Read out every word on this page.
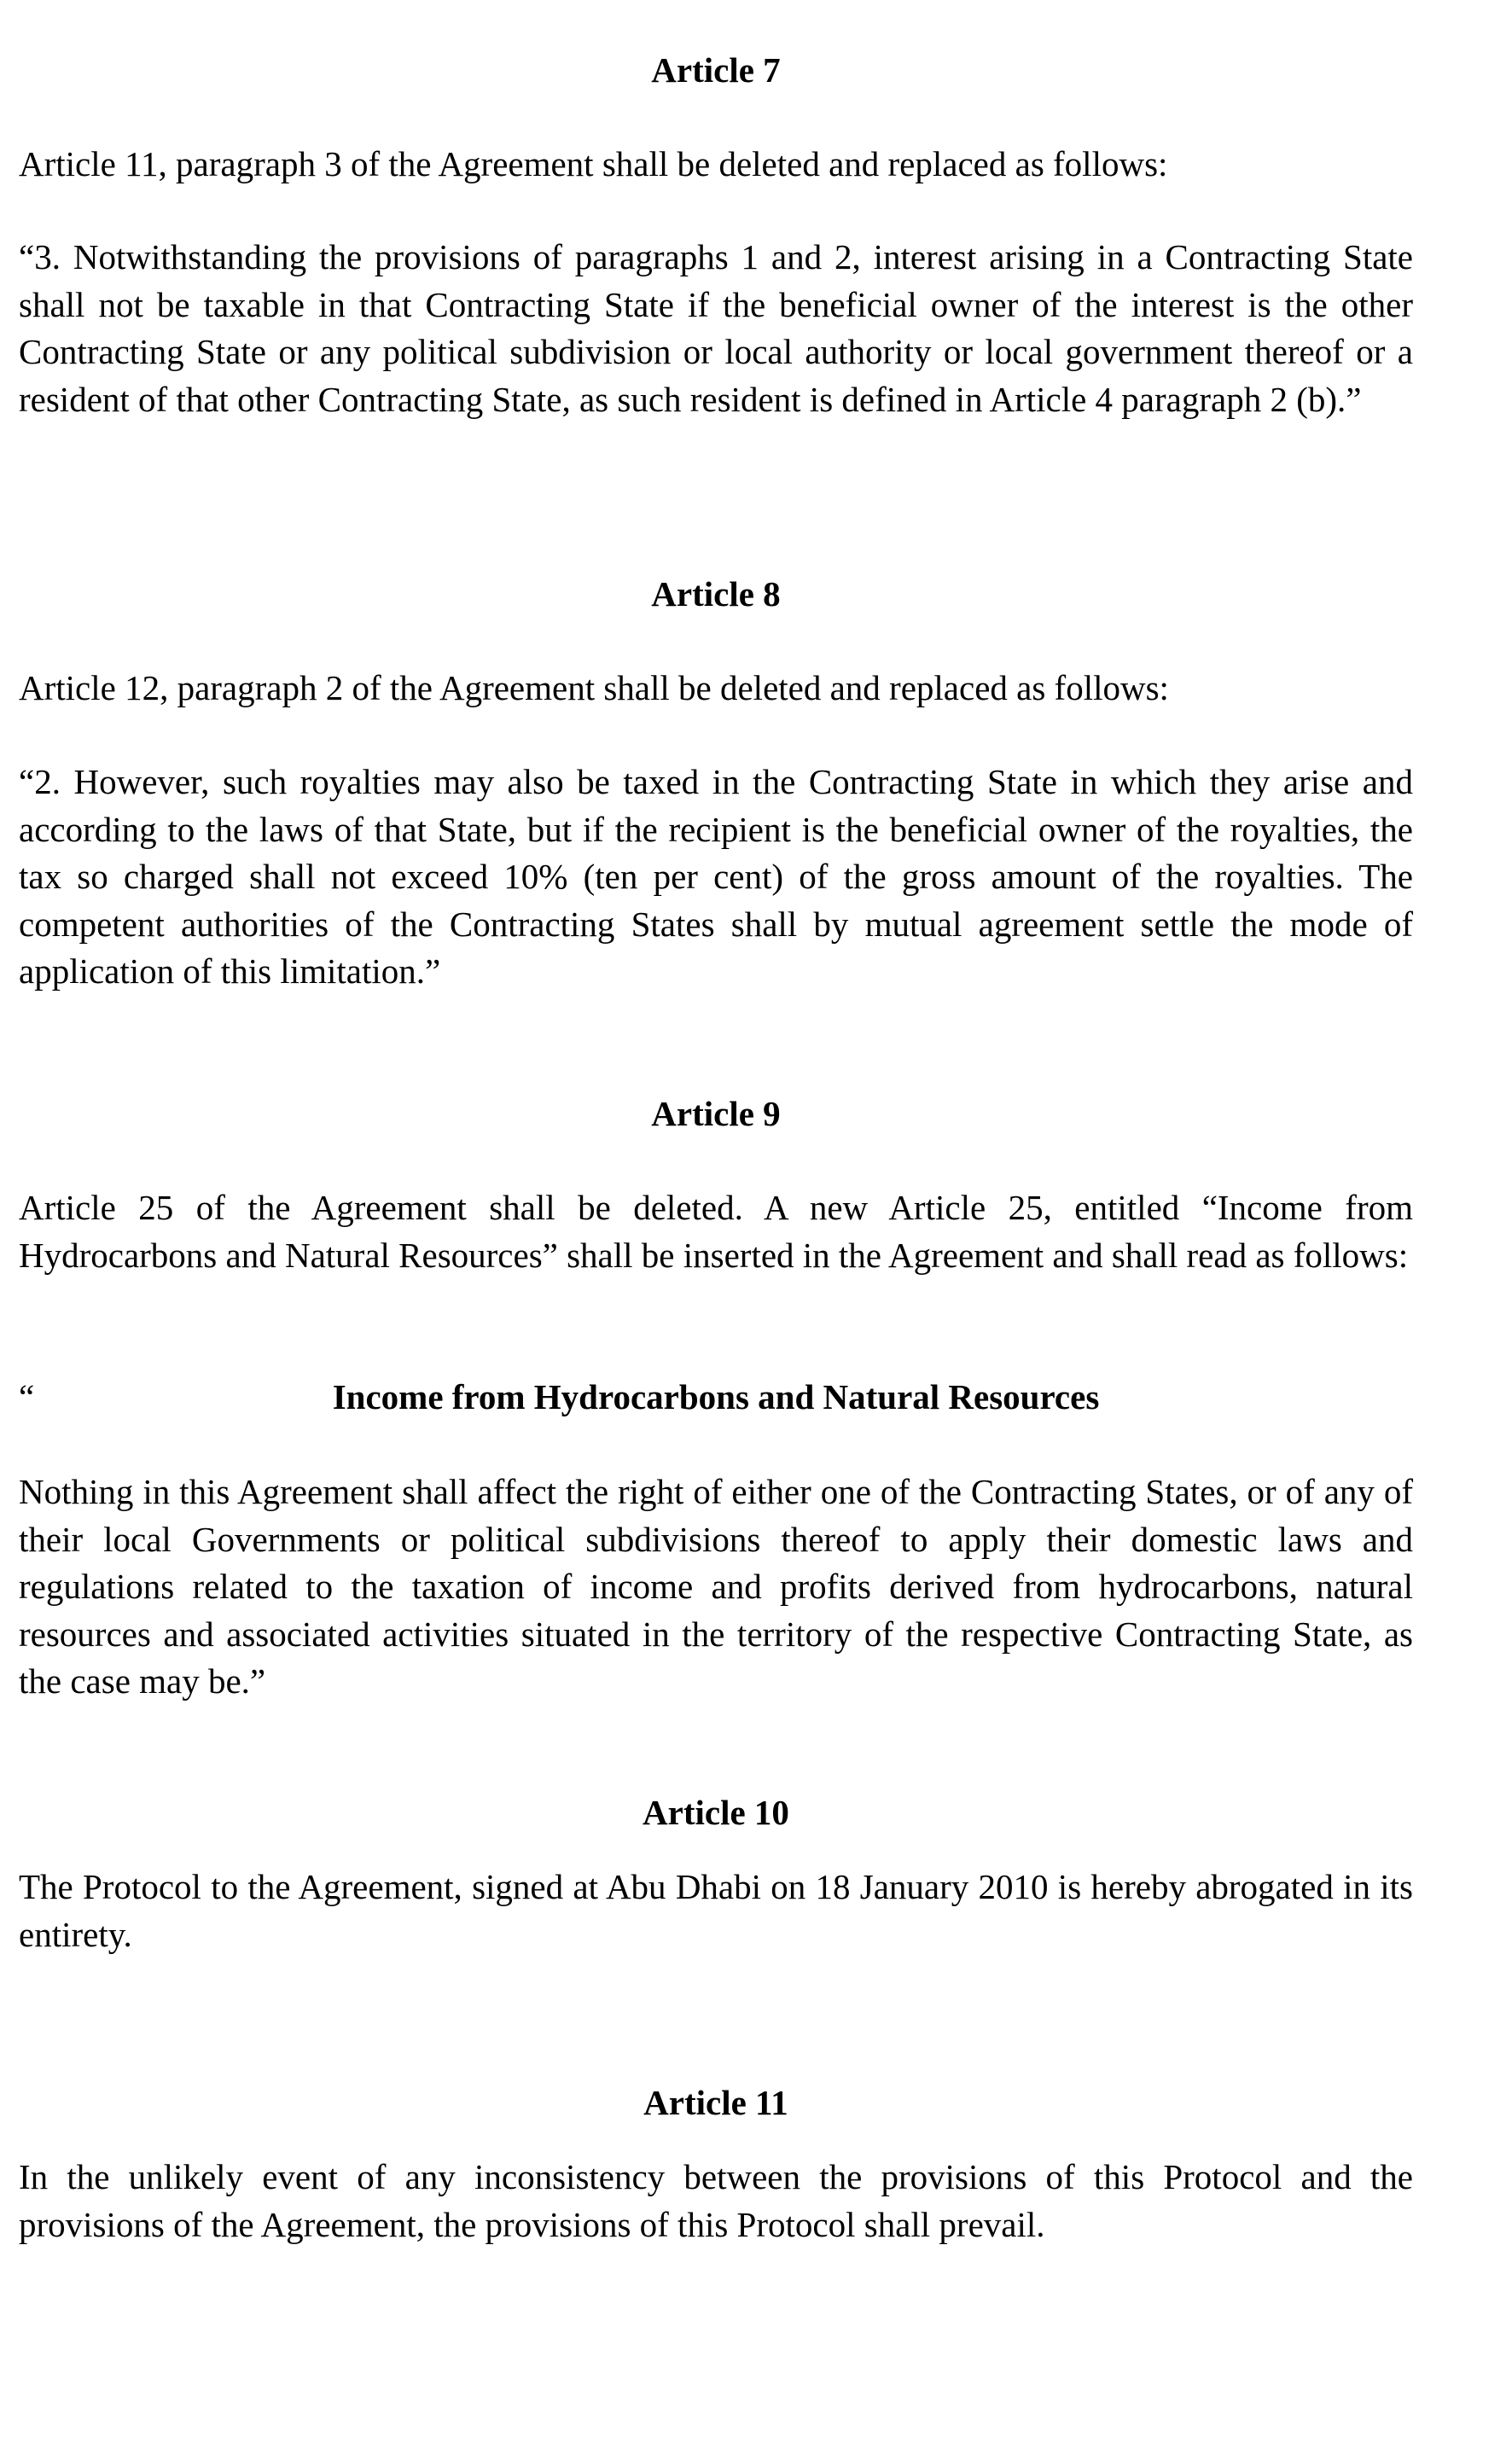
Article 7
Article 11, paragraph 3 of the Agreement shall be deleted and replaced as follows:
“3. Notwithstanding the provisions of paragraphs 1 and 2, interest arising in a Contracting State shall not be taxable in that Contracting State if the beneficial owner of the interest is the other Contracting State or any political subdivision or local authority or local government thereof or a resident of that other Contracting State, as such resident is defined in Article 4 paragraph 2 (b).”
Article 8
Article 12, paragraph 2 of the Agreement shall be deleted and replaced as follows:
“2. However, such royalties may also be taxed in the Contracting State in which they arise and according to the laws of that State, but if the recipient is the beneficial owner of the royalties, the tax so charged shall not exceed 10% (ten per cent) of the gross amount of the royalties. The competent authorities of the Contracting States shall by mutual agreement settle the mode of application of this limitation.”
Article 9
Article 25 of the Agreement shall be deleted. A new Article 25, entitled “Income from Hydrocarbons and Natural Resources” shall be inserted in the Agreement and shall read as follows:
“	Income from Hydrocarbons and Natural Resources
Nothing in this Agreement shall affect the right of either one of the Contracting States, or of any of their local Governments or political subdivisions thereof to apply their domestic laws and regulations related to the taxation of income and profits derived from hydrocarbons, natural resources and associated activities situated in the territory of the respective Contracting State, as the case may be.”
Article 10
The Protocol to the Agreement, signed at Abu Dhabi on 18 January 2010 is hereby abrogated in its entirety.
Article 11
In the unlikely event of any inconsistency between the provisions of this Protocol and the provisions of the Agreement, the provisions of this Protocol shall prevail.
